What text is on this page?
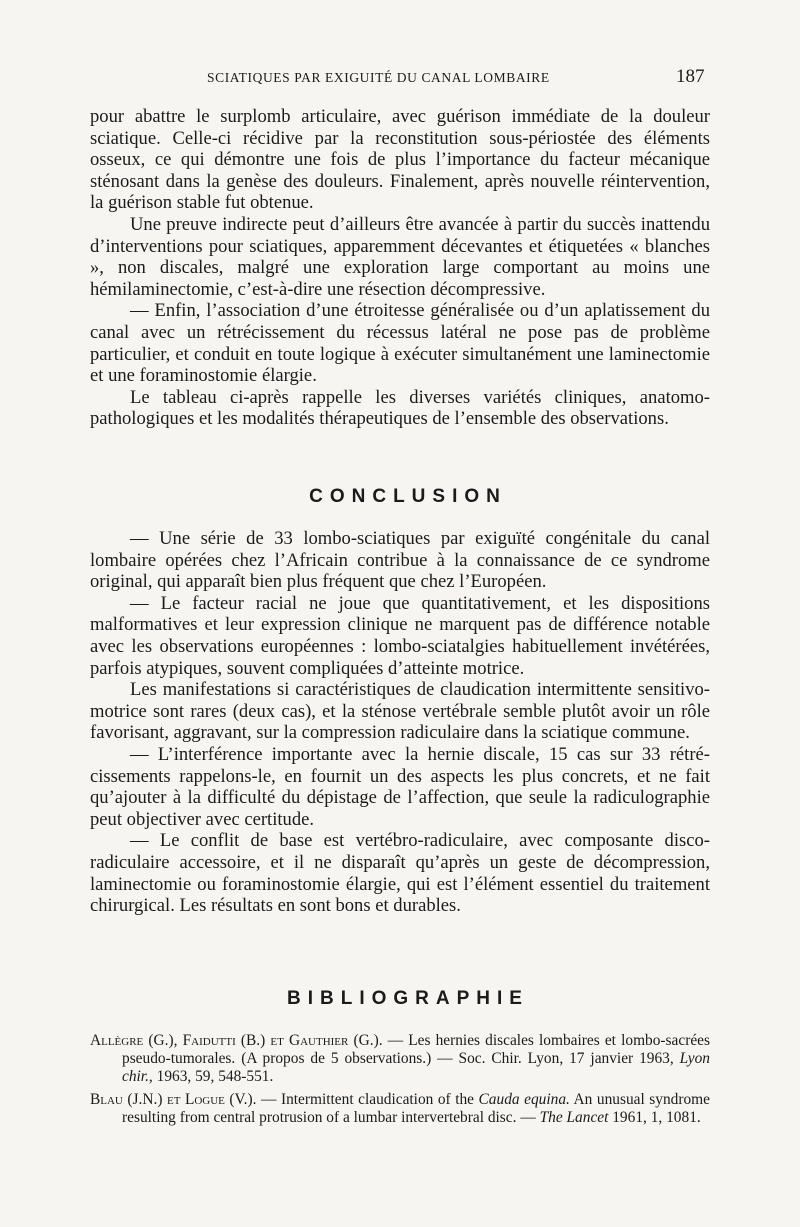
SCIATIQUES PAR EXIGUITÉ DU CANAL LOMBAIRE	187

pour abattre le surplomb articulaire, avec guérison immédiate de la douleur sciatique. Celle-ci récidive par la reconstitution sous-périostée des éléments osseux, ce qui démontre une fois de plus l’importance du facteur mécanique sténosant dans la genèse des douleurs. Finalement, après nouvelle réintervention, la guérison stable fut obtenue.

Une preuve indirecte peut d’ailleurs être avancée à partir du succès inattendu d’interventions pour sciatiques, apparemment décevantes et étiquetées « blanches », non discales, malgré une exploration large comportant au moins une hémilaminectomie, c’est-à-dire une résection décompressive.

— Enfin, l’association d’une étroitesse généralisée ou d’un aplatissement du canal avec un rétrécissement du récessus latéral ne pose pas de problème particulier, et conduit en toute logique à exécuter simultanément une laminectomie et une foraminostomie élargie.

Le tableau ci-après rappelle les diverses variétés cliniques, anatomopathologiques et les modalités thérapeutiques de l’ensemble des observations.

CONCLUSION

— Une série de 33 lombo-sciatiques par exiguïté congénitale du canal lombaire opérées chez l’Africain contribue à la connaissance de ce syndrome original, qui apparaît bien plus fréquent que chez l’Européen.

— Le facteur racial ne joue que quantitativement, et les dispositions malformatives et leur expression clinique ne marquent pas de différence notable avec les observations européennes : lombo-sciatalgies habituellement invétérées, parfois atypiques, souvent compliquées d’atteinte motrice.

Les manifestations si caractéristiques de claudication intermittente sensitivomotrice sont rares (deux cas), et la sténose vertébrale semble plutôt avoir un rôle favorisant, aggravant, sur la compression radiculaire dans la sciatique commune.

— L’interférence importante avec la hernie discale, 15 cas sur 33 rétrécissements rappelons-le, en fournit un des aspects les plus concrets, et ne fait qu’ajouter à la difficulté du dépistage de l’affection, que seule la radiculographie peut objectiver avec certitude.

— Le conflit de base est vertébro-radiculaire, avec composante discoradiculaire accessoire, et il ne disparaît qu’après un geste de décompression, laminectomie ou foraminostomie élargie, qui est l’élément essentiel du traitement chirurgical. Les résultats en sont bons et durables.

BIBLIOGRAPHIE
Allègre (G.), Faidutti (B.) et Gauthier (G.). — Les hernies discales lombaires et lombo-sacrées pseudo-tumorales. (A propos de 5 observations.) — Soc. Chir. Lyon, 17 janvier 1963, Lyon chir., 1963, 59, 548-551.
Blau (J.N.) et Logue (V.). — Intermittent claudication of the Cauda equina. An unusual syndrome resulting from central protrusion of a lumbar intervertebral disc. — The Lancet 1961, 1, 1081.
